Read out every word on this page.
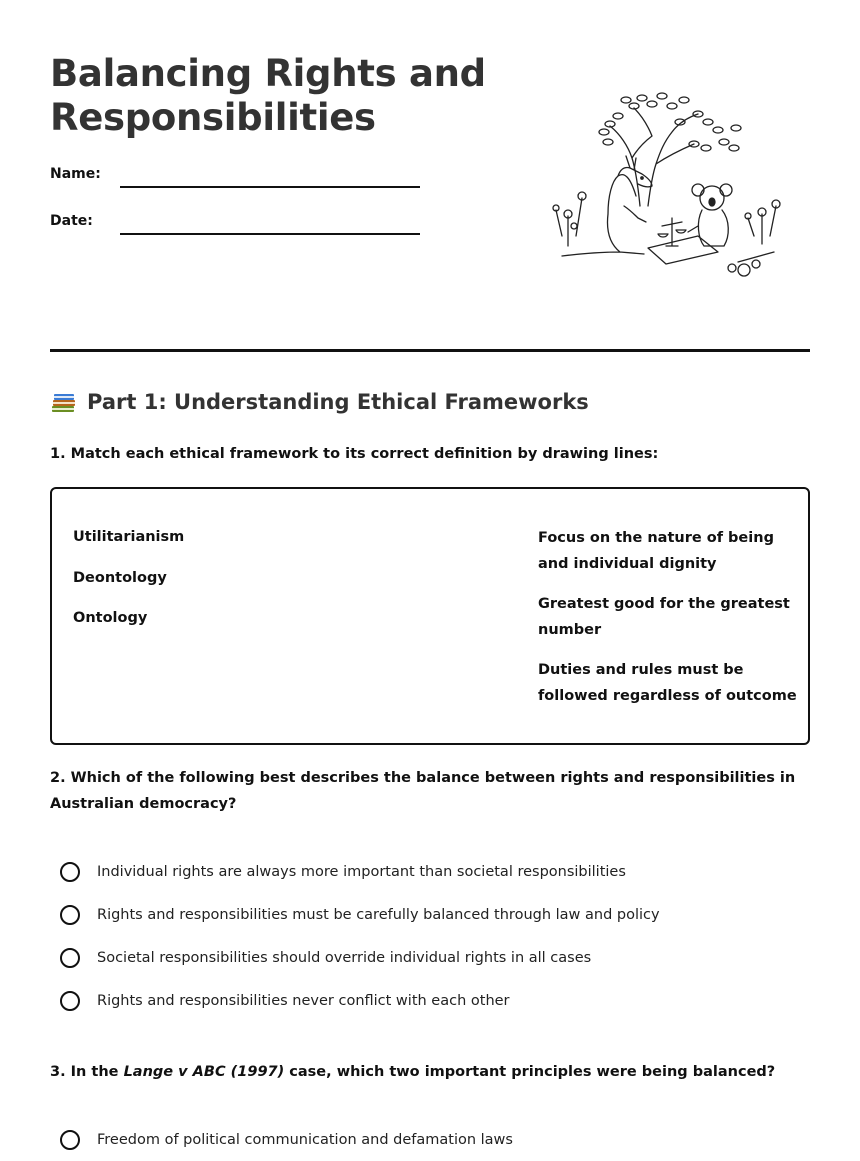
Balancing Rights and
Responsibilities
Name:
Date:
Part 1: Understanding Ethical Frameworks

1. Match each ethical framework to its correct definition by drawing lines:

Utilitarianism
Deontology
Ontology
Focus on the nature of being and individual dignity
Greatest good for the greatest number
Duties and rules must be followed regardless of outcome

2. Which of the following best describes the balance between rights and responsibilities in Australian democracy?

Individual rights are always more important than societal responsibilities
Rights and responsibilities must be carefully balanced through law and policy
Societal responsibilities should override individual rights in all cases
Rights and responsibilities never conflict with each other

3. In the Lange v ABC (1997) case, which two important principles were being balanced?

Freedom of political communication and defamation laws
